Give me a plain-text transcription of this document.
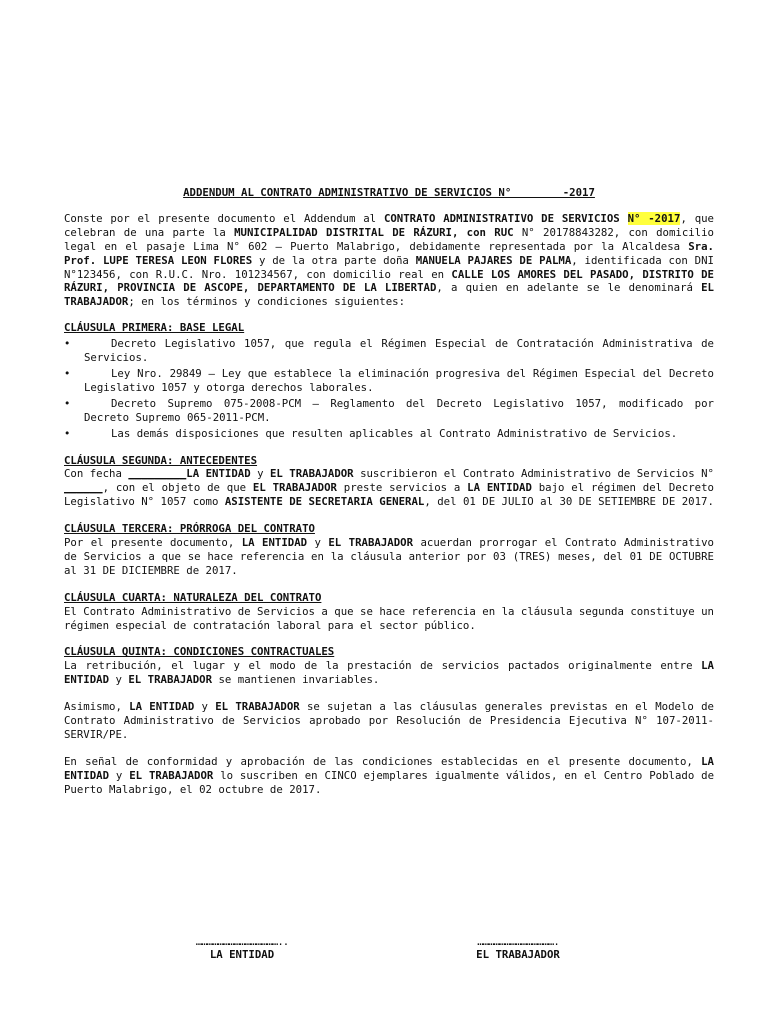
ADDENDUM AL CONTRATO ADMINISTRATIVO DE SERVICIOS N°        -2017

Conste por el presente documento el Addendum al CONTRATO ADMINISTRATIVO DE SERVICIOS N° -2017, que celebran de una parte la MUNICIPALIDAD DISTRITAL DE RÁZURI, con RUC N° 20178843282, con domicilio legal en el pasaje Lima N° 602 – Puerto Malabrigo, debidamente representada por la Alcaldesa Sra. Prof. LUPE TERESA LEON FLORES y de la otra parte doña MANUELA PAJARES DE PALMA, identificada con DNI N°123456, con R.U.C. Nro. 101234567, con domicilio real en CALLE LOS AMORES DEL PASADO, DISTRITO DE RÁZURI, PROVINCIA DE ASCOPE, DEPARTAMENTO DE LA LIBERTAD, a quien en adelante se le denominará EL TRABAJADOR; en los términos y condiciones siguientes:

CLÁUSULA PRIMERA: BASE LEGAL
•	Decreto Legislativo 1057, que regula el Régimen Especial de Contratación Administrativa de Servicios.
•	Ley Nro. 29849 – Ley que establece la eliminación progresiva del Régimen Especial del Decreto Legislativo 1057 y otorga derechos laborales.
•	Decreto Supremo 075-2008-PCM – Reglamento del Decreto Legislativo 1057, modificado por Decreto Supremo 065-2011-PCM.
•	Las demás disposiciones que resulten aplicables al Contrato Administrativo de Servicios.
CLÁUSULA SEGUNDA: ANTECEDENTES

Con fecha _________LA ENTIDAD y EL TRABAJADOR suscribieron el Contrato Administrativo de Servicios N° ______, con el objeto de que EL TRABAJADOR preste servicios a LA ENTIDAD bajo el régimen del Decreto Legislativo N° 1057 como ASISTENTE DE SECRETARIA GENERAL, del 01 DE JULIO al 30 DE SETIEMBRE DE 2017.

CLÁUSULA TERCERA: PRÓRROGA DEL CONTRATO

Por el presente documento, LA ENTIDAD y EL TRABAJADOR acuerdan prorrogar el Contrato Administrativo de Servicios a que se hace referencia en la cláusula anterior por 03 (TRES) meses, del 01 DE OCTUBRE al 31 DE DICIEMBRE de 2017.

CLÁUSULA CUARTA: NATURALEZA DEL CONTRATO

El Contrato Administrativo de Servicios a que se hace referencia en la cláusula segunda constituye un régimen especial de contratación laboral para el sector público.

CLÁUSULA QUINTA: CONDICIONES CONTRACTUALES

La retribución, el lugar y el modo de la prestación de servicios pactados originalmente entre LA ENTIDAD y EL TRABAJADOR se mantienen invariables.

Asimismo, LA ENTIDAD y EL TRABAJADOR se sujetan a las cláusulas generales previstas en el Modelo de Contrato Administrativo de Servicios aprobado por Resolución de Presidencia Ejecutiva N° 107-2011-SERVIR/PE.

En señal de conformidad y aprobación de las condiciones establecidas en el presente documento, LA ENTIDAD y EL TRABAJADOR lo suscriben en CINCO ejemplares igualmente válidos, en el Centro Poblado de Puerto Malabrigo, el 02 octubre de 2017.

………………………………………..
LA ENTIDAD
…………………………………….
EL TRABAJADOR
